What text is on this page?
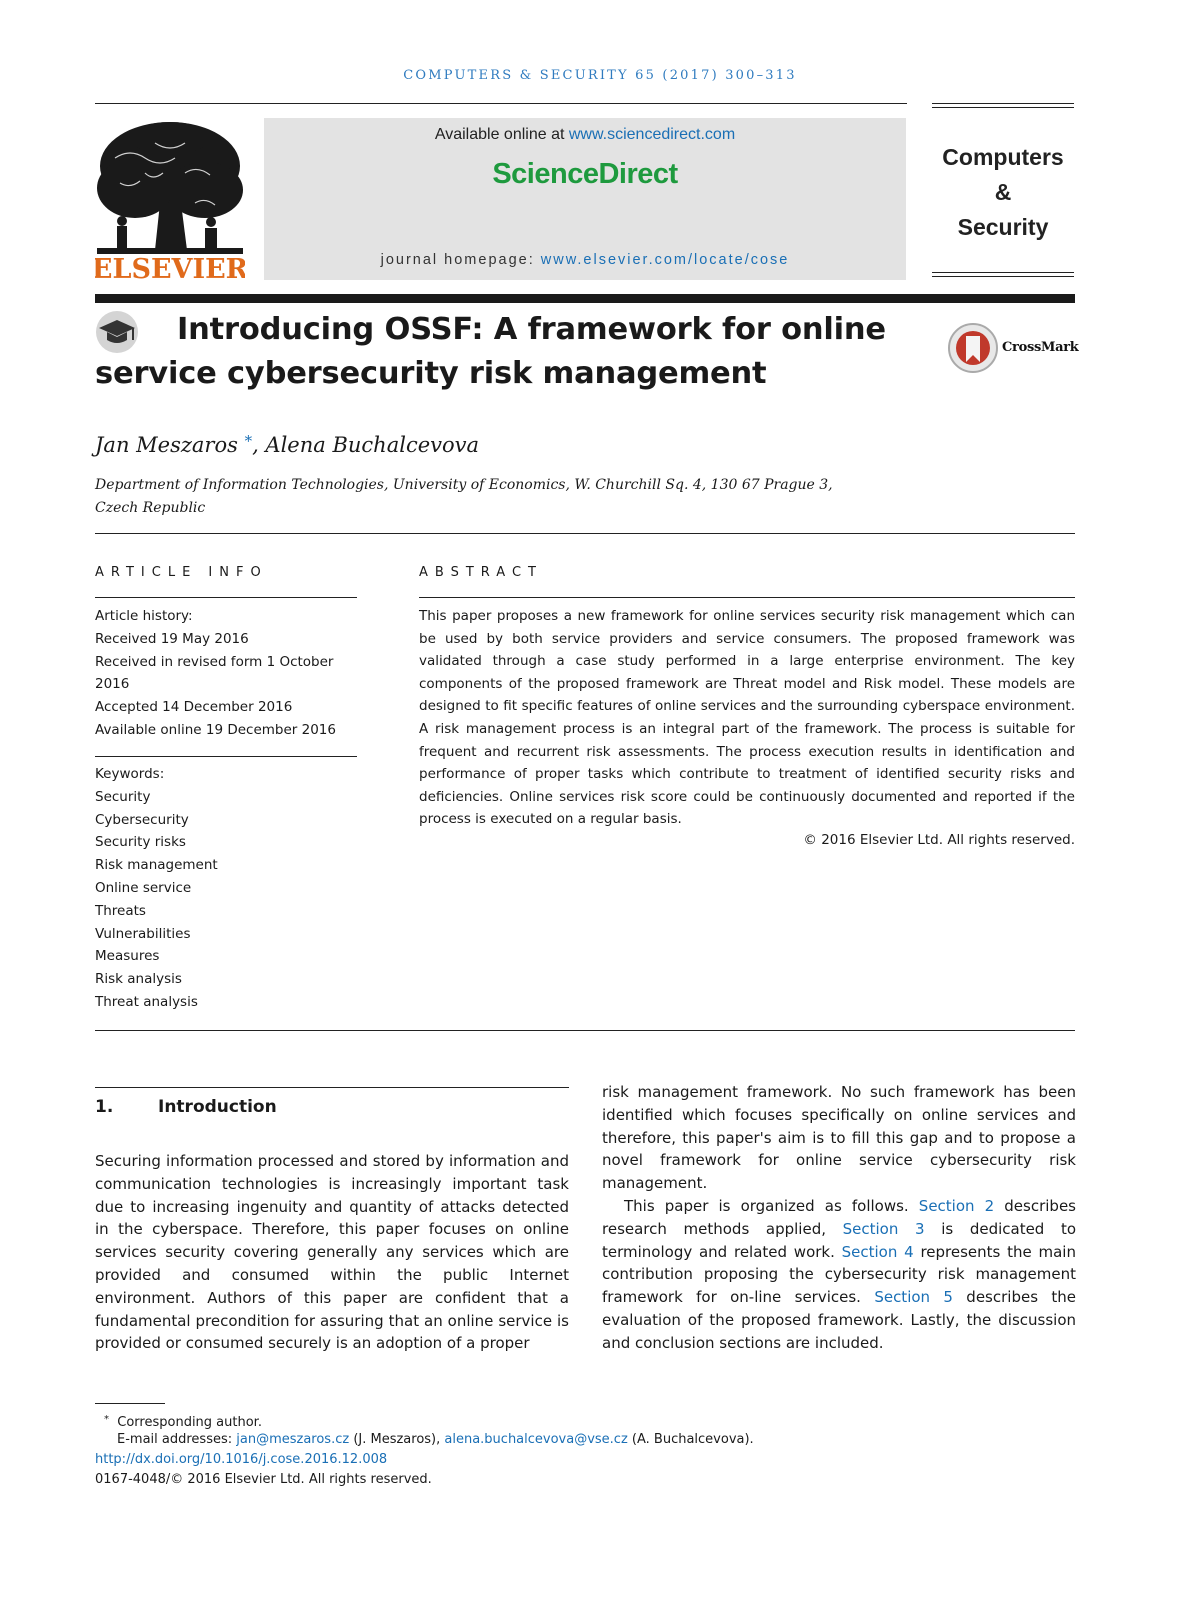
COMPUTERS & SECURITY 65 (2017) 300–313
ELSEVIER
Available online at www.sciencedirect.com
ScienceDirect
journal homepage: www.elsevier.com/locate/cose
Computers
&
Security
Introducing OSSF: A framework for online service cybersecurity risk management
CrossMark
Jan Meszaros *, Alena Buchalcevova
Department of Information Technologies, University of Economics, W. Churchill Sq. 4, 130 67 Prague 3, Czech Republic
ARTICLE INFO
Article history:
Received 19 May 2016
Received in revised form 1 October 2016
Accepted 14 December 2016
Available online 19 December 2016
Keywords:
Security
Cybersecurity
Security risks
Risk management
Online service
Threats
Vulnerabilities
Measures
Risk analysis
Threat analysis
ABSTRACT
This paper proposes a new framework for online services security risk management which can be used by both service providers and service consumers. The proposed framework was validated through a case study performed in a large enterprise environment. The key components of the proposed framework are Threat model and Risk model. These models are designed to fit specific features of online services and the surrounding cyberspace environment. A risk management process is an integral part of the framework. The process is suitable for frequent and recurrent risk assessments. The process execution results in identification and performance of proper tasks which contribute to treatment of identified security risks and deficiencies. Online services risk score could be continuously documented and reported if the process is executed on a regular basis.
© 2016 Elsevier Ltd. All rights reserved.
1.	Introduction
Securing information processed and stored by information and communication technologies is increasingly important task due to increasing ingenuity and quantity of attacks detected in the cyberspace. Therefore, this paper focuses on online services security covering generally any services which are provided and consumed within the public Internet environment. Authors of this paper are confident that a fundamental precondition for assuring that an online service is provided or consumed securely is an adoption of a proper
risk management framework. No such framework has been identified which focuses specifically on online services and therefore, this paper's aim is to fill this gap and to propose a novel framework for online service cybersecurity risk management.
This paper is organized as follows. Section 2 describes research methods applied, Section 3 is dedicated to terminology and related work. Section 4 represents the main contribution proposing the cybersecurity risk management framework for on-line services. Section 5 describes the evaluation of the proposed framework. Lastly, the discussion and conclusion sections are included.
* Corresponding author.
E-mail addresses: jan@meszaros.cz (J. Meszaros), alena.buchalcevova@vse.cz (A. Buchalcevova).
http://dx.doi.org/10.1016/j.cose.2016.12.008
0167-4048/© 2016 Elsevier Ltd. All rights reserved.
